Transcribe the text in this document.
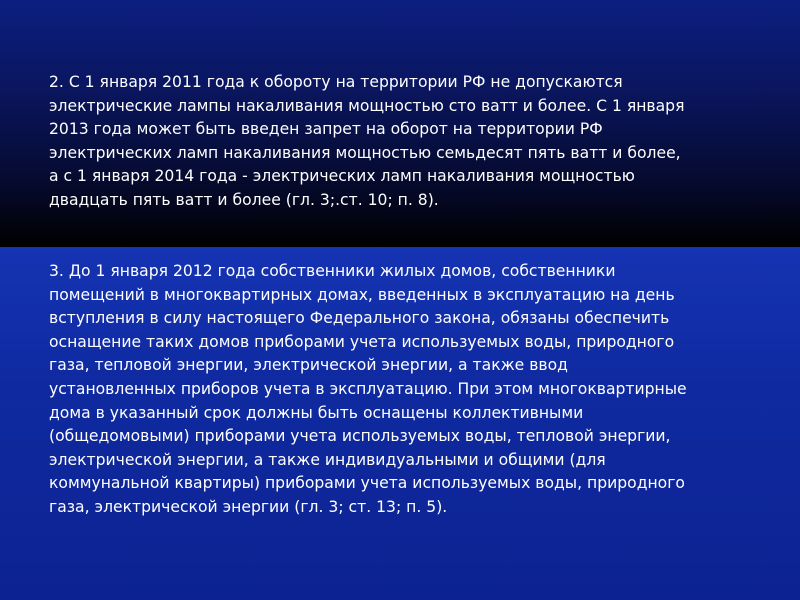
2. С 1 января 2011 года к обороту на территории РФ не допускаются
электрические лампы накаливания мощностью сто ватт и более. С 1 января
2013 года может быть введен запрет на оборот на территории РФ
электрических ламп накаливания мощностью семьдесят пять ватт и более,
а с 1 января 2014 года - электрических ламп накаливания мощностью
двадцать пять ватт и более (гл. 3;.ст. 10; п. 8).
3. До 1 января 2012 года собственники жилых домов, собственники
помещений в многоквартирных домах, введенных в эксплуатацию на день
вступления в силу настоящего Федерального закона, обязаны обеспечить
оснащение таких домов приборами учета используемых воды, природного
газа, тепловой энергии, электрической энергии, а также ввод
установленных приборов учета в эксплуатацию. При этом многоквартирные
дома в указанный срок должны быть оснащены коллективными
(общедомовыми) приборами учета используемых воды, тепловой энергии,
электрической энергии, а также индивидуальными и общими (для
коммунальной квартиры) приборами учета используемых воды, природного
газа, электрической энергии (гл. 3; ст. 13; п. 5).
